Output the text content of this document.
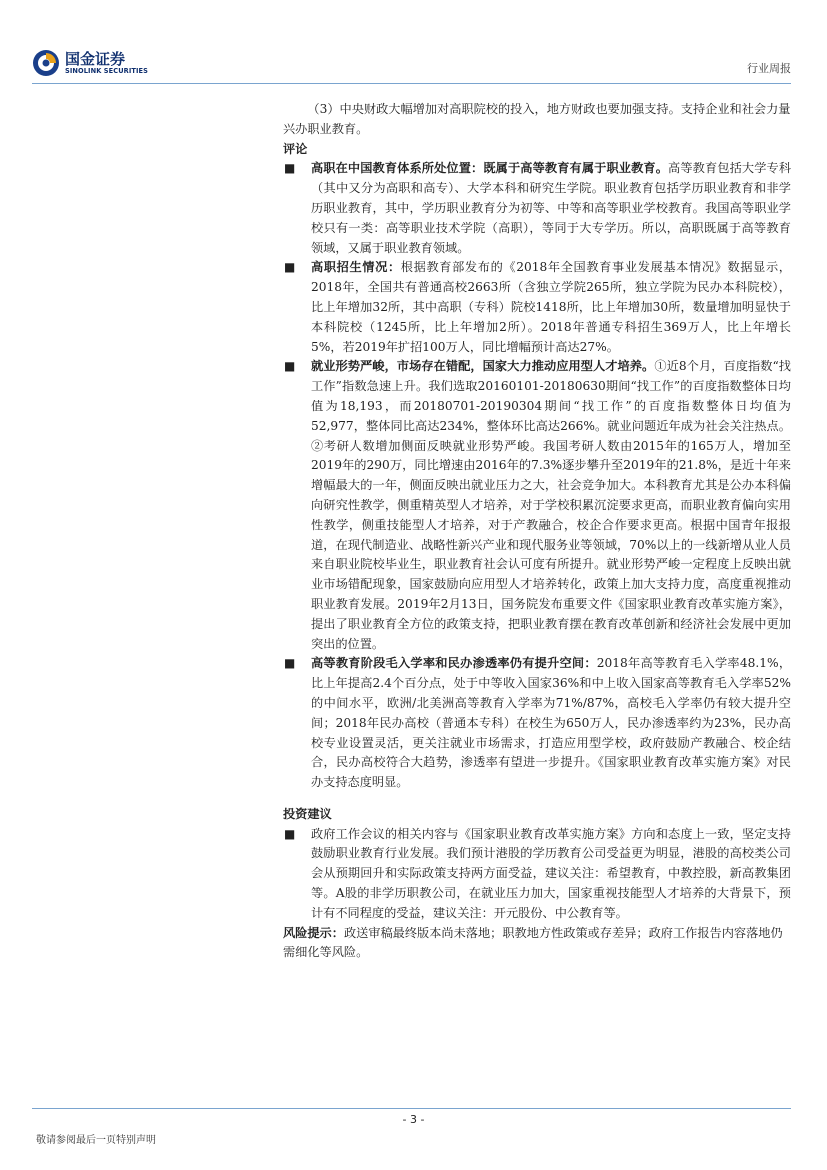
国金证券
SINOLINK SECURITIES	行业周报

（3）中央财政大幅增加对高职院校的投入，地方财政也要加强支持。支持企业和社会力量兴办职业教育。

评论

■ 高职在中国教育体系所处位置：既属于高等教育有属于职业教育。高等教育包括大学专科（其中又分为高职和高专）、大学本科和研究生学院。职业教育包括学历职业教育和非学历职业教育，其中，学历职业教育分为初等、中等和高等职业学校教育。我国高等职业学校只有一类：高等职业技术学院（高职），等同于大专学历。所以，高职既属于高等教育领域，又属于职业教育领域。
■ 高职招生情况：根据教育部发布的《2018年全国教育事业发展基本情况》数据显示，2018年，全国共有普通高校2663所（含独立学院265所，独立学院为民办本科院校），比上年增加32所，其中高职（专科）院校1418所，比上年增加30所，数量增加明显快于本科院校（1245所，比上年增加2所）。2018年普通专科招生369万人，比上年增长5%，若2019年扩招100万人，同比增幅预计高达27%。
■ 就业形势严峻，市场存在错配，国家大力推动应用型人才培养。①近8个月，百度指数“找工作”指数急速上升。我们选取20160101-20180630期间“找工作”的百度指数整体日均值为18,193，而20180701-20190304期间“找工作”的百度指数整体日均值为52,977，整体同比高达234%，整体环比高达266%。就业问题近年成为社会关注热点。②考研人数增加侧面反映就业形势严峻。我国考研人数由2015年的165万人，增加至2019年的290万，同比增速由2016年的7.3%逐步攀升至2019年的21.8%，是近十年来增幅最大的一年，侧面反映出就业压力之大，社会竞争加大。本科教育尤其是公办本科偏向研究性教学，侧重精英型人才培养，对于学校积累沉淀要求更高，而职业教育偏向实用性教学，侧重技能型人才培养，对于产教融合，校企合作要求更高。根据中国青年报报道，在现代制造业、战略性新兴产业和现代服务业等领域，70%以上的一线新增从业人员来自职业院校毕业生，职业教育社会认可度有所提升。就业形势严峻一定程度上反映出就业市场错配现象，国家鼓励向应用型人才培养转化，政策上加大支持力度，高度重视推动职业教育发展。2019年2月13日，国务院发布重要文件《国家职业教育改革实施方案》，提出了职业教育全方位的政策支持，把职业教育摆在教育改革创新和经济社会发展中更加突出的位置。
■ 高等教育阶段毛入学率和民办渗透率仍有提升空间：2018年高等教育毛入学率48.1%，比上年提高2.4个百分点，处于中等收入国家36%和中上收入国家高等教育毛入学率52%的中间水平，欧洲/北美洲高等教育入学率为71%/87%，高校毛入学率仍有较大提升空间；2018年民办高校（普通本专科）在校生为650万人，民办渗透率约为23%，民办高校专业设置灵活，更关注就业市场需求，打造应用型学校，政府鼓励产教融合、校企结合，民办高校符合大趋势，渗透率有望进一步提升。《国家职业教育改革实施方案》对民办支持态度明显。

投资建议

■ 政府工作会议的相关内容与《国家职业教育改革实施方案》方向和态度上一致，坚定支持鼓励职业教育行业发展。我们预计港股的学历教育公司受益更为明显，港股的高校类公司会从预期回升和实际政策支持两方面受益，建议关注：希望教育，中教控股，新高教集团等。A股的非学历职教公司，在就业压力加大，国家重视技能型人才培养的大背景下，预计有不同程度的受益，建议关注：开元股份、中公教育等。

风险提示：政送审稿最终版本尚未落地；职教地方性政策或存差异；政府工作报告内容落地仍需细化等风险。

- 3 -
敬请参阅最后一页特别声明
